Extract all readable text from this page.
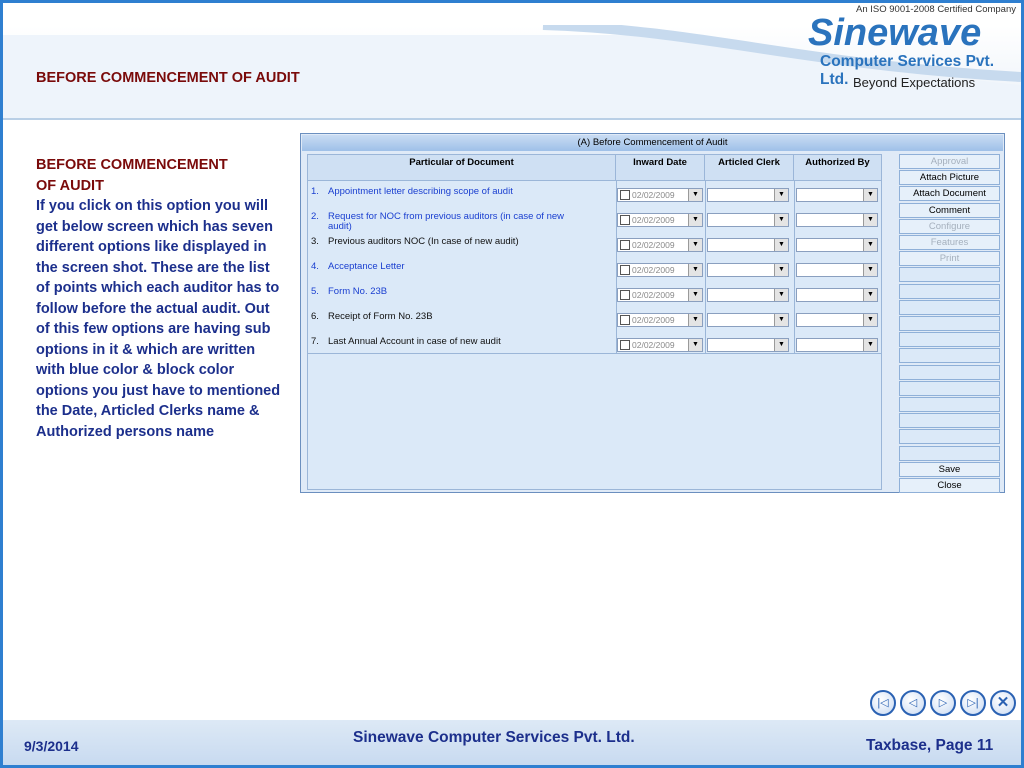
An ISO 9001-2008 Certified Company
Sinewave
Computer Services Pvt. Ltd. Beyond Expectations
BEFORE COMMENCEMENT OF AUDIT
BEFORE COMMENCEMENT
OF AUDIT
If you click on this option you will get below screen which has seven different options like displayed in the screen shot. These are the list of points which each auditor has to follow before the actual audit. Out of this few options are having sub options in it & which are written with blue color & block color options you just have to mentioned the Date, Articled Clerks name & Authorized persons name
(A) Before Commencement of Audit
Particular of Document	Inward Date	Articled Clerk	Authorized By
1. Appointment letter describing scope of audit	02/02/2009	▼	▼	▼
2. Request for NOC from previous auditors (in case of new
audit)
02/02/2009	▼	▼	▼
3. Previous auditors NOC (In case of new audit)	02/02/2009	▼	▼	▼
4. Acceptance Letter	02/02/2009	▼	▼	▼
5. Form No. 23B	02/02/2009	▼	▼	▼
6. Receipt of Form No. 23B	02/02/2009	▼	▼	▼
7. Last Annual Account in case of new audit	02/02/2009	▼	▼	▼
Approval
Attach Picture
Attach Document
Comment
Configure
Features
Print
Save
Close
|◁	◁	▷	▷|	✕
9/3/2014	Sinewave Computer Services Pvt. Ltd.	Taxbase, Page 11
